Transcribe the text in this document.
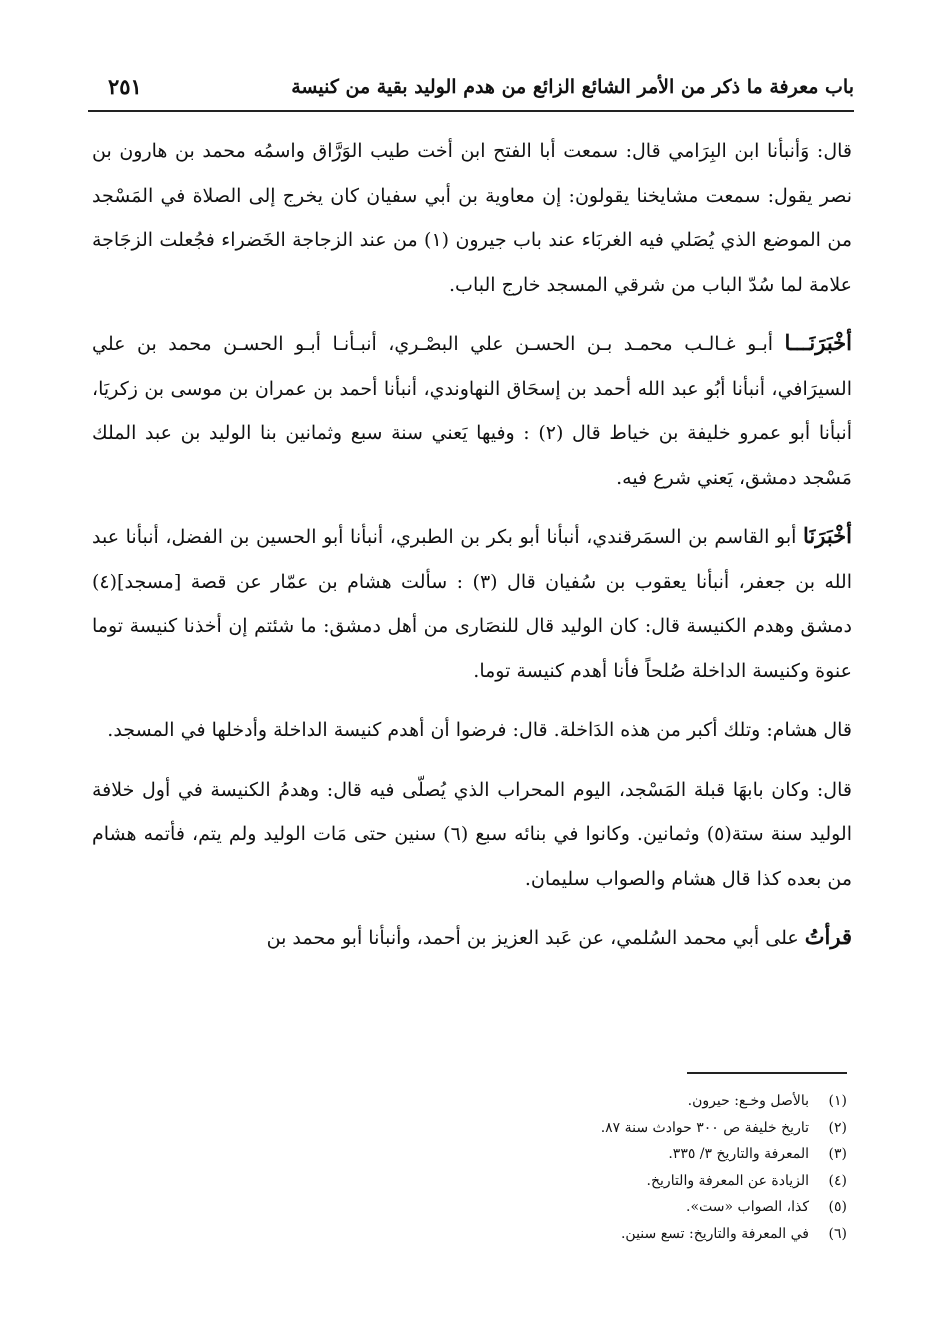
باب معرفة ما ذكر من الأمر الشائع الزائع من هدم الوليد بقية من كنيسة
٢٥١

قال: وَأنبأنا ابن البِرَامي قال: سمعت أبا الفتح ابن أخت طيب الوَرَّاق واسمُه محمد بن هارون بن نصر يقول: سمعت مشايخنا يقولون: إن معاوية بن أبي سفيان كان يخرج إلى الصلاة في المَسْجد من الموضع الذي يُصَلي فيه الغربَاء عند باب جيرون (١) من عند الزجاجة الخَضراء فجُعلت الزجَاجة علامة لما سُدّ الباب من شرقي المسجد خارج الباب.

أخْبَرَنَـــا أبـو غـالـب محمـد بـن الحسـن علي البصْـري، أنبـأنـا أبـو الحسـن محمد بن علي السيرَافي، أنبأنا أبُو عبد الله أحمد بن إسحَاق النهاوندي، أنبأنا أحمد بن عمران بن موسى بن زكريَا، أنبأنا أبو عمرو خليفة بن خياط قال (٢) : وفيها يَعني سنة سبع وثمانين بنا الوليد بن عبد الملك مَسْجد دمشق، يَعني شرع فيه.

أخْبَرَنَا أبو القاسم بن السمَرقندي، أنبأنا أبو بكر بن الطبري، أنبأنا أبو الحسين بن الفضل، أنبأنا عبد الله بن جعفر، أنبأنا يعقوب بن سُفيان قال (٣) : سألت هشام بن عمّار عن قصة [مسجد](٤) دمشق وهدم الكنيسة قال: كان الوليد قال للنصَارى من أهل دمشق: ما شئتم إن أخذنا كنيسة توما عنوة وكنيسة الداخلة صُلحاً فأنا أهدم كنيسة توما.

قال هشام: وتلك أكبر من هذه الدَاخلة. قال: فرضوا أن أهدم كنيسة الداخلة وأدخلها في المسجد.

قال: وكان بابهَا قبلة المَسْجد، اليوم المحراب الذي يُصلّى فيه قال: وهدمُ الكنيسة في أول خلافة الوليد سنة ستة(٥) وثمانين. وكانوا في بنائه سبع (٦) سنين حتى مَات الوليد ولم يتم، فأتمه هشام من بعده كذا قال هشام والصواب سليمان.

قرأتُ على أبي محمد السُلمي، عن عَبد العزيز بن أحمد، وأنبأنا أبو محمد بن

(١)بالأصل وخـع: حيرون.
(٢)تاريخ خليفة ص ٣٠٠ حوادث سنة ٨٧.
(٣)المعرفة والتاريخ ٣/ ٣٣٥.
(٤)الزيادة عن المعرفة والتاريخ.
(٥)كذا، الصواب «ست».
(٦)في المعرفة والتاريخ: تسع سنين.
